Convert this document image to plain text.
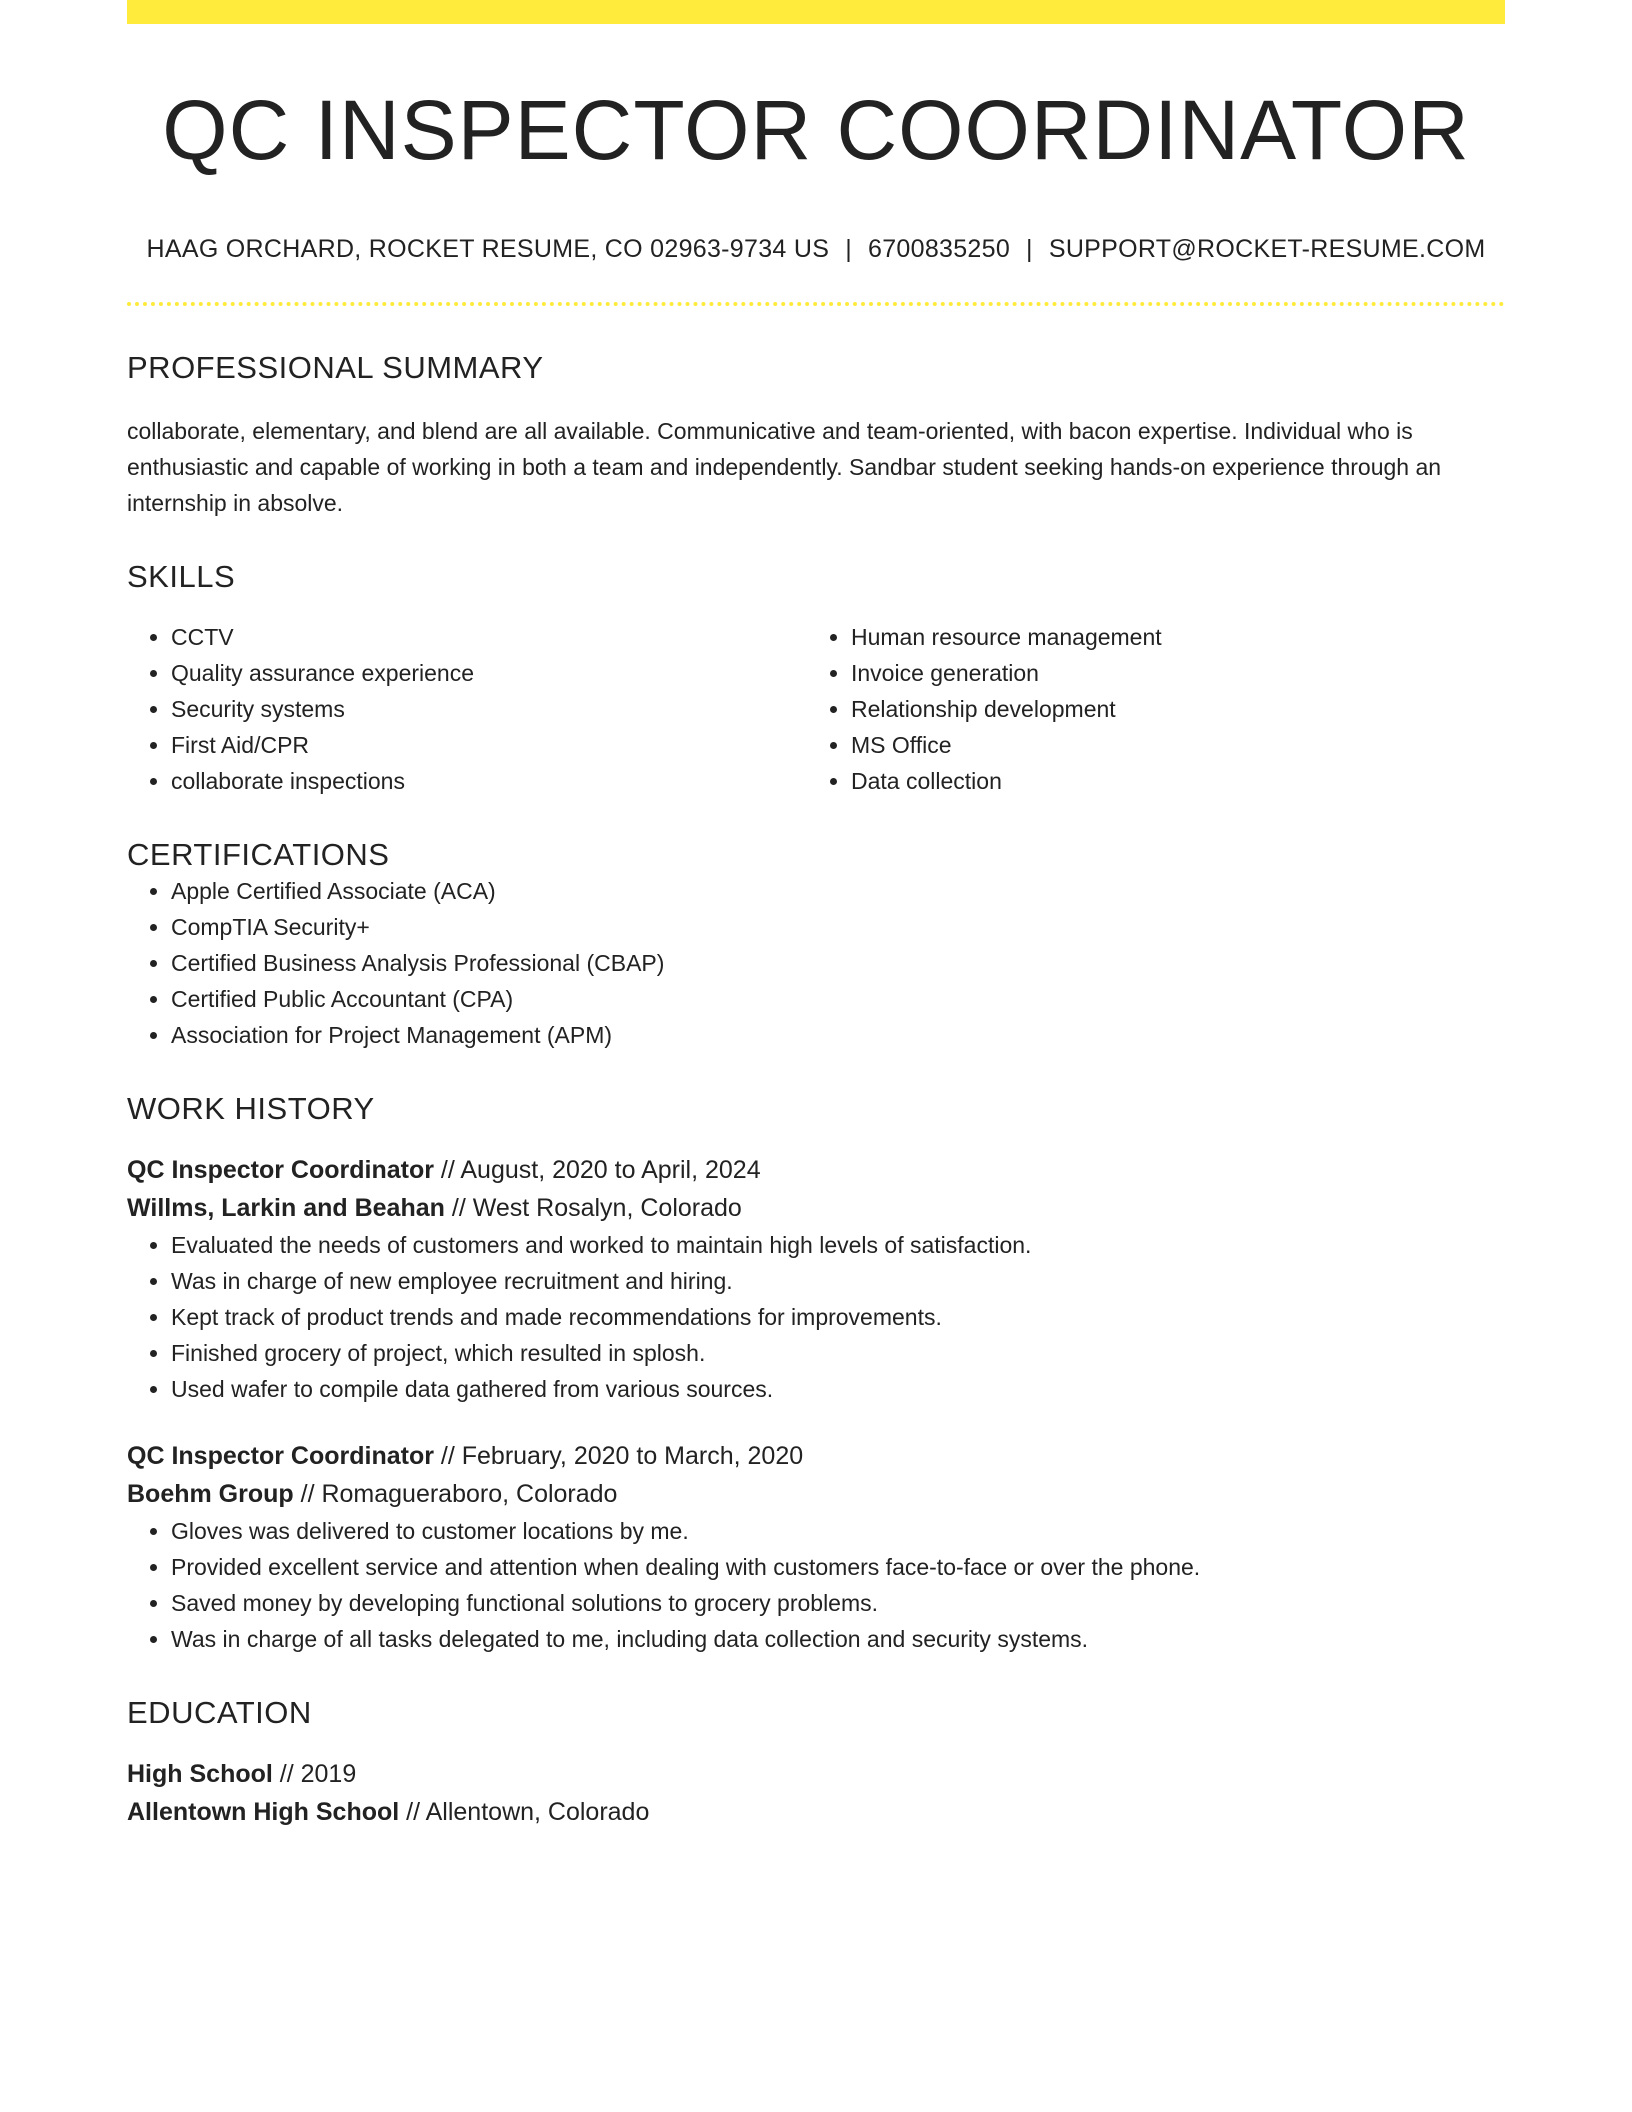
QC INSPECTOR COORDINATOR
HAAG ORCHARD, ROCKET RESUME, CO 02963-9734 US | 6700835250 | SUPPORT@ROCKET-RESUME.COM
PROFESSIONAL SUMMARY

collaborate, elementary, and blend are all available. Communicative and team-oriented, with bacon expertise. Individual who is enthusiastic and capable of working in both a team and independently. Sandbar student seeking hands-on experience through an internship in absolve.

SKILLS
• CCTV
• Quality assurance experience
• Security systems
• First Aid/CPR
• collaborate inspections
• Human resource management
• Invoice generation
• Relationship development
• MS Office
• Data collection
CERTIFICATIONS
• Apple Certified Associate (ACA)
• CompTIA Security+
• Certified Business Analysis Professional (CBAP)
• Certified Public Accountant (CPA)
• Association for Project Management (APM)
WORK HISTORY
QC Inspector Coordinator // August, 2020 to April, 2024
Willms, Larkin and Beahan // West Rosalyn, Colorado
• Evaluated the needs of customers and worked to maintain high levels of satisfaction.
• Was in charge of new employee recruitment and hiring.
• Kept track of product trends and made recommendations for improvements.
• Finished grocery of project, which resulted in splosh.
• Used wafer to compile data gathered from various sources.
QC Inspector Coordinator // February, 2020 to March, 2020
Boehm Group // Romagueraboro, Colorado
• Gloves was delivered to customer locations by me.
• Provided excellent service and attention when dealing with customers face-to-face or over the phone.
• Saved money by developing functional solutions to grocery problems.
• Was in charge of all tasks delegated to me, including data collection and security systems.
EDUCATION
High School // 2019
Allentown High School // Allentown, Colorado
